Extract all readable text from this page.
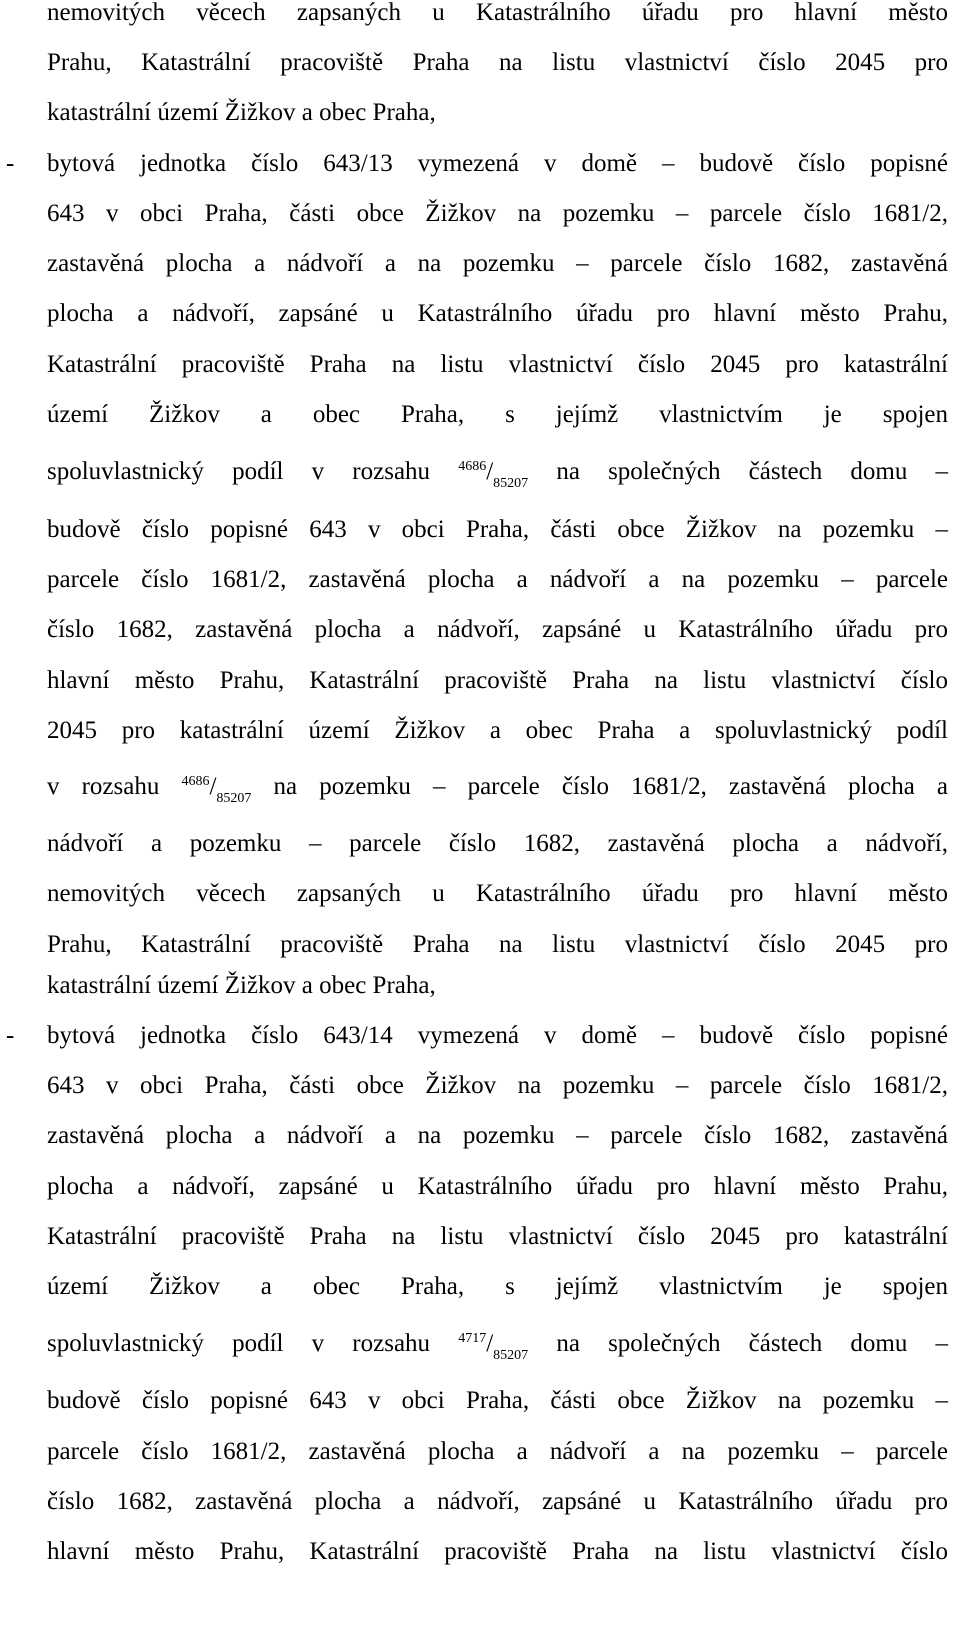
-
-
nemovitých věcech zapsaných u Katastrálního úřadu pro hlavní město
Prahu, Katastrální pracoviště Praha na listu vlastnictví číslo 2045 pro
katastrální území Žižkov a obec Praha,
bytová jednotka číslo 643/13 vymezená v domě – budově číslo popisné
643 v obci Praha, části obce Žižkov na pozemku – parcele číslo 1681/2,
zastavěná plocha a nádvoří a na pozemku – parcele číslo 1682, zastavěná
plocha a nádvoří, zapsáné u Katastrálního úřadu pro hlavní město Prahu,
Katastrální pracoviště Praha na listu vlastnictví číslo 2045 pro katastrální
území Žižkov a obec Praha, s jejímž vlastnictvím je spojen
spoluvlastnický podíl v rozsahu $^{4686}/_{85207}$ na společných částech domu –
budově číslo popisné 643 v obci Praha, části obce Žižkov na pozemku –
parcele číslo 1681/2, zastavěná plocha a nádvoří a na pozemku – parcele
číslo 1682, zastavěná plocha a nádvoří, zapsáné u Katastrálního úřadu pro
hlavní město Prahu, Katastrální pracoviště Praha na listu vlastnictví číslo
2045 pro katastrální území Žižkov a obec Praha a spoluvlastnický podíl
v rozsahu $^{4686}/_{85207}$ na pozemku – parcele číslo 1681/2, zastavěná plocha a
nádvoří a pozemku – parcele číslo 1682, zastavěná plocha a nádvoří,
nemovitých věcech zapsaných u Katastrálního úřadu pro hlavní město
Prahu, Katastrální pracoviště Praha na listu vlastnictví číslo 2045 pro
katastrální území Žižkov a obec Praha,
bytová jednotka číslo 643/14 vymezená v domě – budově číslo popisné
643 v obci Praha, části obce Žižkov na pozemku – parcele číslo 1681/2,
zastavěná plocha a nádvoří a na pozemku – parcele číslo 1682, zastavěná
plocha a nádvoří, zapsáné u Katastrálního úřadu pro hlavní město Prahu,
Katastrální pracoviště Praha na listu vlastnictví číslo 2045 pro katastrální
území Žižkov a obec Praha, s jejímž vlastnictvím je spojen
spoluvlastnický podíl v rozsahu $^{4717}/_{85207}$ na společných částech domu –
budově číslo popisné 643 v obci Praha, části obce Žižkov na pozemku –
parcele číslo 1681/2, zastavěná plocha a nádvoří a na pozemku – parcele
číslo 1682, zastavěná plocha a nádvoří, zapsáné u Katastrálního úřadu pro
hlavní město Prahu, Katastrální pracoviště Praha na listu vlastnictví číslo
